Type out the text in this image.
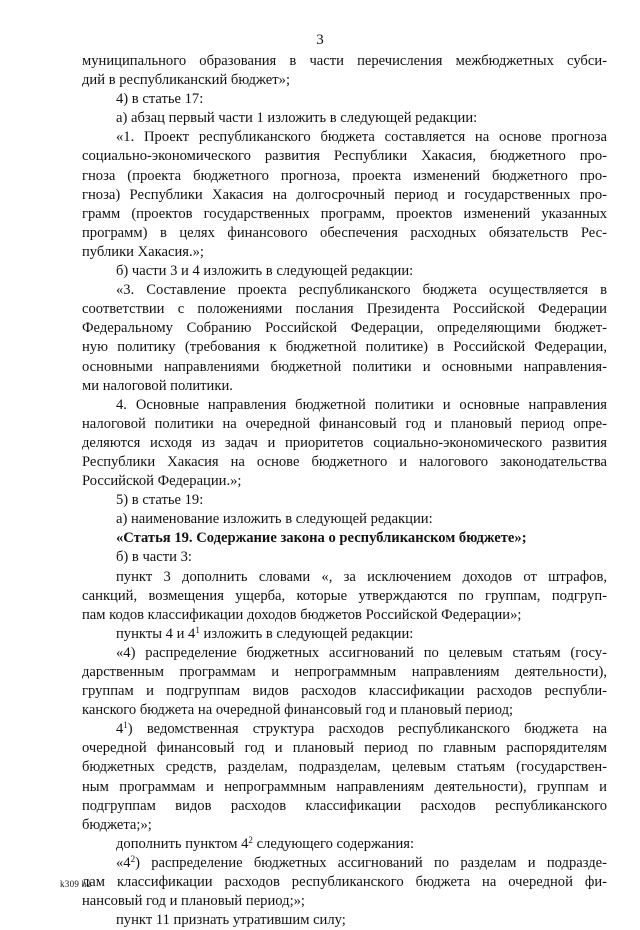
3

муниципального образования в части перечисления межбюджетных субси-

дий в республиканский бюджет»;

4) в статье 17:

а) абзац первый части 1 изложить в следующей редакции:

«1. Проект республиканского бюджета составляется на основе прогноза

социально-экономического развития Республики Хакасия, бюджетного про-

гноза (проекта бюджетного прогноза, проекта изменений бюджетного про-

гноза) Республики Хакасия на долгосрочный период и государственных про-

грамм (проектов государственных программ, проектов изменений указанных

программ) в целях финансового обеспечения расходных обязательств Рес-

публики Хакасия.»;

б) части 3 и 4 изложить в следующей редакции:

«3. Составление проекта республиканского бюджета осуществляется в

соответствии с положениями послания Президента Российской Федерации

Федеральному Собранию Российской Федерации, определяющими бюджет-

ную политику (требования к бюджетной политике) в Российской Федерации,

основными направлениями бюджетной политики и основными направления-

ми налоговой политики.

4. Основные направления бюджетной политики и основные направления

налоговой политики на очередной финансовый год и плановый период опре-

деляются исходя из задач и приоритетов социально-экономического развития

Республики Хакасия на основе бюджетного и налогового законодательства

Российской Федерации.»;

5) в статье 19:

а) наименование изложить в следующей редакции:

«Статья 19. Содержание закона о республиканском бюджете»;

б) в части 3:

пункт 3 дополнить словами «, за исключением доходов от штрафов,

санкций, возмещения ущерба, которые утверждаются по группам, подгруп-

пам кодов классификации доходов бюджетов Российской Федерации»;

пункты 4 и $4^1$ изложить в следующей редакции:

«4) распределение бюджетных ассигнований по целевым статьям (госу-

дарственным программам и непрограммным направлениям деятельности),

группам и подгруппам видов расходов классификации расходов республи-

канского бюджета на очередной финансовый год и плановый период;

$4^1$) ведомственная структура расходов республиканского бюджета на

очередной финансовый год и плановый период по главным распорядителям

бюджетных средств, разделам, подразделам, целевым статьям (государствен-

ным программам и непрограммным направлениям деятельности), группам и

подгруппам видов расходов классификации расходов республиканского

бюджета;»;

дополнить пунктом $4^2$ следующего содержания:

«$4^2$) распределение бюджетных ассигнований по разделам и подразде-

лам классификации расходов республиканского бюджета на очередной фи-

нансовый год и плановый период;»;

пункт 11 признать утратившим силу;

k309 h2
